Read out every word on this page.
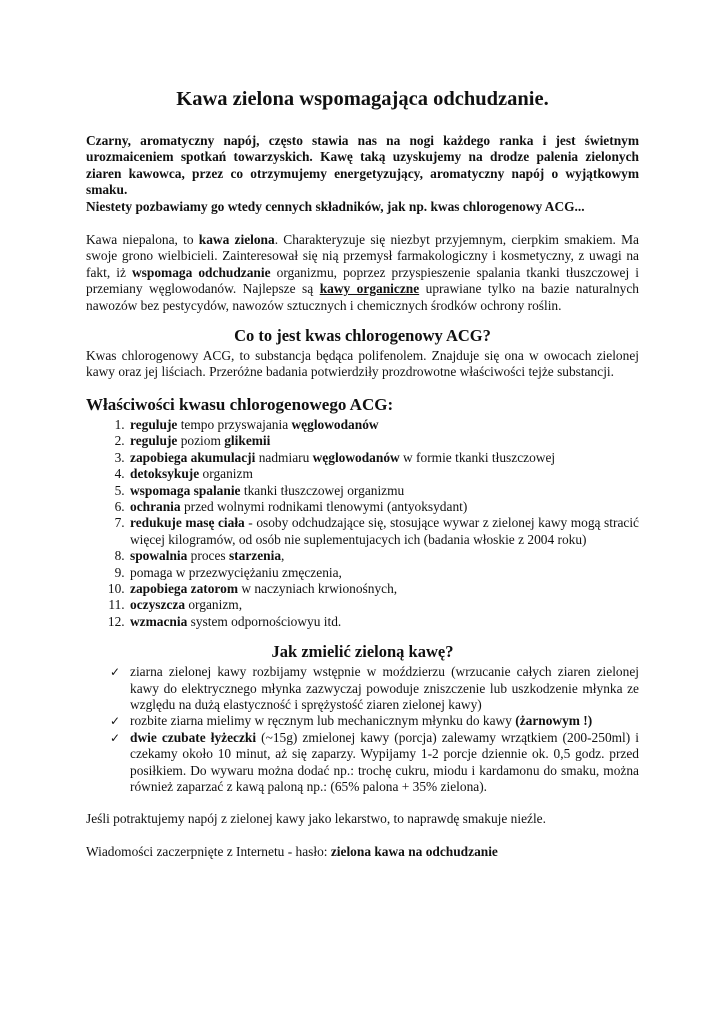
Kawa zielona wspomagająca odchudzanie.

Czarny, aromatyczny napój, często stawia nas na nogi każdego ranka i jest świetnym urozmaiceniem spotkań towarzyskich. Kawę taką uzyskujemy na drodze palenia zielonych ziaren kawowca, przez co otrzymujemy energetyzujący, aromatyczny napój o wyjątkowym smaku.

Niestety pozbawiamy go wtedy cennych składników, jak np. kwas chlorogenowy ACG...

Kawa niepalona, to kawa zielona. Charakteryzuje się niezbyt przyjemnym, cierpkim smakiem. Ma swoje grono wielbicieli. Zainteresował się nią przemysł farmakologiczny i kosmetyczny, z uwagi na fakt, iż wspomaga odchudzanie organizmu, poprzez przyspieszenie spalania tkanki tłuszczowej i przemiany węglowodanów. Najlepsze są kawy organiczne uprawiane tylko na bazie naturalnych nawozów bez pestycydów, nawozów sztucznych i chemicznych środków ochrony roślin.

Co to jest kwas chlorogenowy ACG?

Kwas chlorogenowy ACG, to substancja będąca polifenolem. Znajduje się ona w owocach zielonej kawy oraz jej liściach. Przeróżne badania potwierdziły prozdrowotne właściwości tejże substancji.

Właściwości kwasu chlorogenowego ACG:
1. reguluje tempo przyswajania węglowodanów
2. reguluje poziom glikemii
3. zapobiega akumulacji nadmiaru węglowodanów w formie tkanki tłuszczowej
4. detoksykuje organizm
5. wspomaga spalanie tkanki tłuszczowej organizmu
6. ochrania przed wolnymi rodnikami tlenowymi (antyoksydant)
7. redukuje masę ciała - osoby odchudzające się, stosujące wywar z zielonej kawy mogą stracić więcej kilogramów, od osób nie suplementujacych ich (badania włoskie z 2004 roku)
8. spowalnia proces starzenia,
9. pomaga w przezwyciężaniu zmęczenia,
10. zapobiega zatorom w naczyniach krwionośnych,
11. oczyszcza organizm,
12. wzmacnia system odpornościowyu itd.
Jak zmielić zieloną kawę?
✓ ziarna zielonej kawy rozbijamy wstępnie w moździerzu (wrzucanie całych ziaren zielonej kawy do elektrycznego młynka zazwyczaj powoduje zniszczenie lub uszkodzenie młynka ze względu na dużą elastyczność i sprężystość ziaren zielonej kawy)
✓ rozbite ziarna mielimy w ręcznym lub mechanicznym młynku do kawy (żarnowym !)
✓ dwie czubate łyżeczki (~15g) zmielonej kawy (porcja) zalewamy wrzątkiem (200-250ml) i czekamy około 10 minut, aż się zaparzy. Wypijamy 1-2 porcje dziennie ok. 0,5 godz. przed posiłkiem. Do wywaru można dodać np.: trochę cukru, miodu i kardamonu do smaku, można również zaparzać z kawą paloną np.: (65% palona + 35% zielona).

Jeśli potraktujemy napój z zielonej kawy jako lekarstwo, to naprawdę smakuje nieźle.

Wiadomości zaczerpnięte z Internetu - hasło: zielona kawa na odchudzanie
